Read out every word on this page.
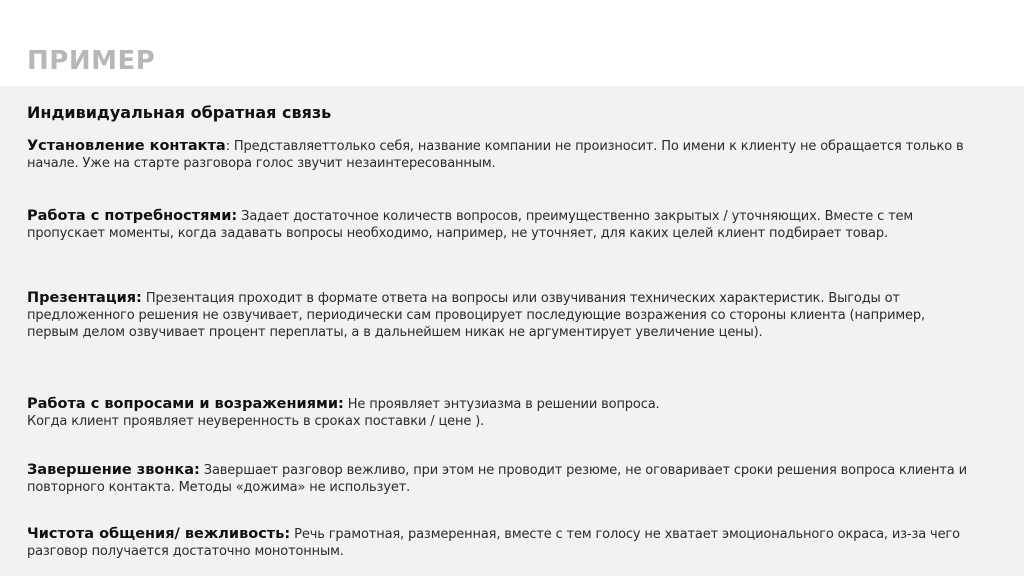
ПРИМЕР
Индивидуальная обратная связь
Установление контакта: Представляеттолько себя, название компании не произносит. По имени к клиенту не обращается только в начале. Уже на старте разговора голос звучит незаинтересованным.
Работа с потребностями: Задает достаточное количеств вопросов, преимущественно закрытых / уточняющих. Вместе с тем пропускает моменты, когда задавать вопросы необходимо, например, не уточняет, для каких целей клиент подбирает товар.
Презентация: Презентация проходит в формате ответа на вопросы или озвучивания технических характеристик. Выгоды от предложенного решения не озвучивает, периодически сам провоцирует последующие возражения со стороны клиента (например, первым делом озвучивает процент переплаты, а в дальнейшем никак не аргументирует увеличение цены).
Работа с вопросами и возражениями: Не проявляет энтузиазма в решении вопроса.
Когда клиент проявляет неуверенность в сроках поставки / цене ).
Завершение звонка: Завершает разговор вежливо, при этом не проводит резюме, не оговаривает сроки решения вопроса клиента и повторного контакта. Методы «дожима» не использует.
Чистота общения/ вежливость: Речь грамотная, размеренная, вместе с тем голосу не хватает эмоционального окраса, из-за чего разговор получается достаточно монотонным.
